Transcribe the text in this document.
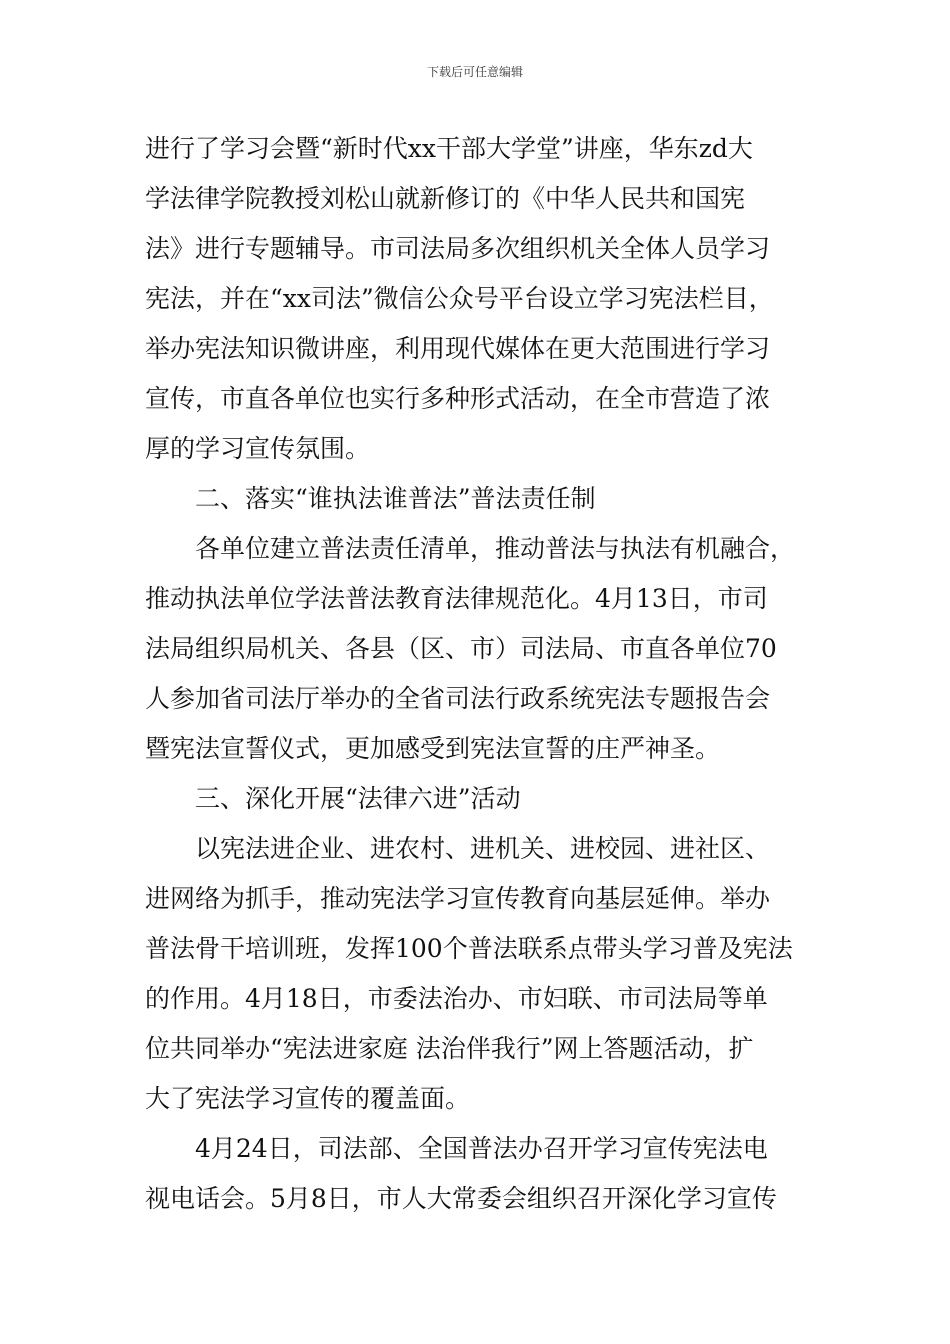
下载后可任意编辑
进行了学习会暨“新时代xx干部大学堂”讲座，华东zd大
学法律学院教授刘松山就新修订的《中华人民共和国宪
法》进行专题辅导。市司法局多次组织机关全体人员学习
宪法，并在“xx司法”微信公众号平台设立学习宪法栏目，
举办宪法知识微讲座，利用现代媒体在更大范围进行学习
宣传，市直各单位也实行多种形式活动，在全市营造了浓
厚的学习宣传氛围。
二、落实“谁执法谁普法”普法责任制
各单位建立普法责任清单，推动普法与执法有机融合，
推动执法单位学法普法教育法律规范化。4月13日，市司
法局组织局机关、各县（区、市）司法局、市直各单位70
人参加省司法厅举办的全省司法行政系统宪法专题报告会
暨宪法宣誓仪式，更加感受到宪法宣誓的庄严神圣。
三、深化开展“法律六进”活动
以宪法进企业、进农村、进机关、进校园、进社区、
进网络为抓手，推动宪法学习宣传教育向基层延伸。举办
普法骨干培训班，发挥100个普法联系点带头学习普及宪法
的作用。4月18日，市委法治办、市妇联、市司法局等单
位共同举办“宪法进家庭 法治伴我行”网上答题活动，扩
大了宪法学习宣传的覆盖面。
4月24日，司法部、全国普法办召开学习宣传宪法电
视电话会。5月8日，市人大常委会组织召开深化学习宣传
